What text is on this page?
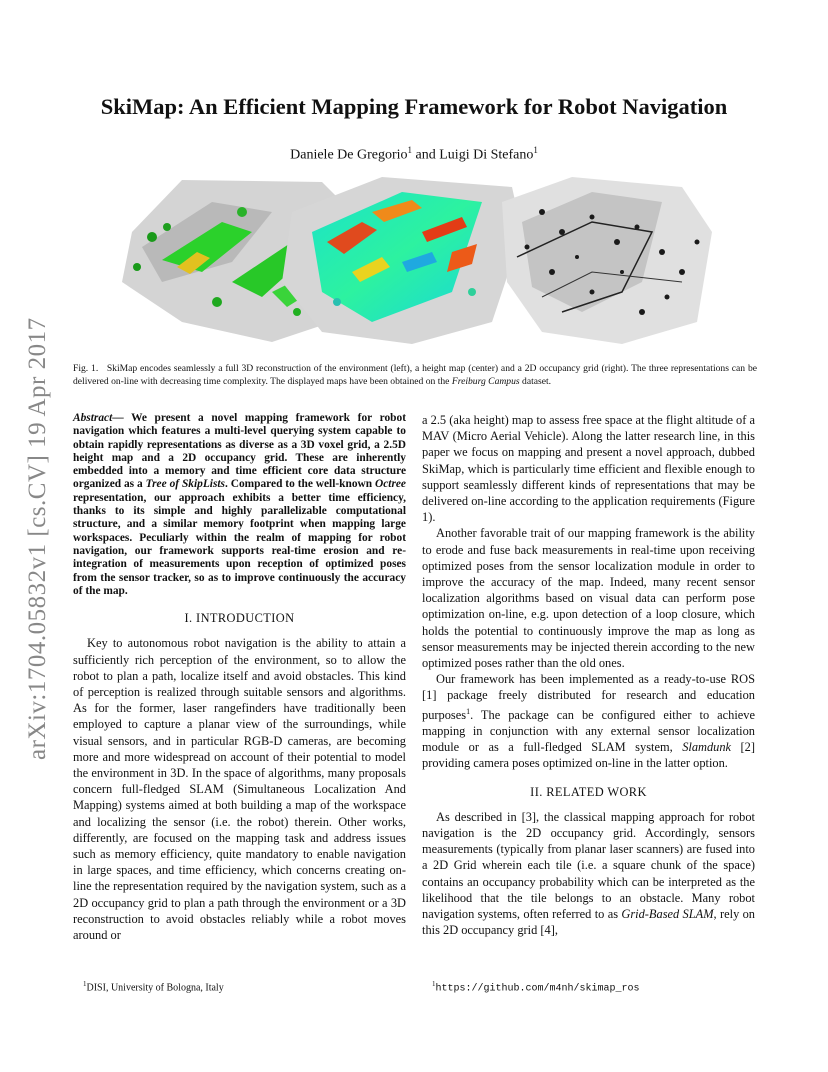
arXiv:1704.05832v1 [cs.CV] 19 Apr 2017
SkiMap: An Efficient Mapping Framework for Robot Navigation
Daniele De Gregorio$^1$ and Luigi Di Stefano$^1$
Fig. 1. SkiMap encodes seamlessly a full 3D reconstruction of the environment (left), a height map (center) and a 2D occupancy grid (right). The three representations can be delivered on-line with decreasing time complexity. The displayed maps have been obtained on the Freiburg Campus dataset.
Abstract— We present a novel mapping framework for robot navigation which features a multi-level querying system capable to obtain rapidly representations as diverse as a 3D voxel grid, a 2.5D height map and a 2D occupancy grid. These are inherently embedded into a memory and time efficient core data structure organized as a Tree of SkipLists. Compared to the well-known Octree representation, our approach exhibits a better time efficiency, thanks to its simple and highly parallelizable computational structure, and a similar memory footprint when mapping large workspaces. Peculiarly within the realm of mapping for robot navigation, our framework supports real-time erosion and re-integration of measurements upon reception of optimized poses from the sensor tracker, so as to improve continuously the accuracy of the map.
I. INTRODUCTION

Key to autonomous robot navigation is the ability to attain a sufficiently rich perception of the environment, so to allow the robot to plan a path, localize itself and avoid obstacles. This kind of perception is realized through suitable sensors and algorithms. As for the former, laser rangefinders have traditionally been employed to capture a planar view of the surroundings, while visual sensors, and in particular RGB-D cameras, are becoming more and more widespread on account of their potential to model the environment in 3D. In the space of algorithms, many proposals concern full-fledged SLAM (Simultaneous Localization And Mapping) systems aimed at both building a map of the workspace and localizing the sensor (i.e. the robot) therein. Other works, differently, are focused on the mapping task and address issues such as memory efficiency, quite mandatory to enable navigation in large spaces, and time efficiency, which concerns creating on-line the representation required by the navigation system, such as a 2D occupancy grid to plan a path through the environment or a 3D reconstruction to avoid obstacles reliably while a robot moves around or

a 2.5 (aka height) map to assess free space at the flight altitude of a MAV (Micro Aerial Vehicle). Along the latter research line, in this paper we focus on mapping and present a novel approach, dubbed SkiMap, which is particularly time efficient and flexible enough to support seamlessly different kinds of representations that may be delivered on-line according to the application requirements (Figure 1).

Another favorable trait of our mapping framework is the ability to erode and fuse back measurements in real-time upon receiving optimized poses from the sensor localization module in order to improve the accuracy of the map. Indeed, many recent sensor localization algorithms based on visual data can perform pose optimization on-line, e.g. upon detection of a loop closure, which holds the potential to continuously improve the map as long as sensor measurements may be injected therein according to the new optimized poses rather than the old ones.

Our framework has been implemented as a ready-to-use ROS [1] package freely distributed for research and education purposes$^1$. The package can be configured either to achieve mapping in conjunction with any external sensor localization module or as a full-fledged SLAM system, Slamdunk [2] providing camera poses optimized on-line in the latter option.

II. RELATED WORK

As described in [3], the classical mapping approach for robot navigation is the 2D occupancy grid. Accordingly, sensors measurements (typically from planar laser scanners) are fused into a 2D Grid wherein each tile (i.e. a square chunk of the space) contains an occupancy probability which can be interpreted as the likelihood that the tile belongs to an obstacle. Many robot navigation systems, often referred to as Grid-Based SLAM, rely on this 2D occupancy grid [4],

$^1$DISI, University of Bologna, Italy	$^1$https://github.com/m4nh/skimap_ros
